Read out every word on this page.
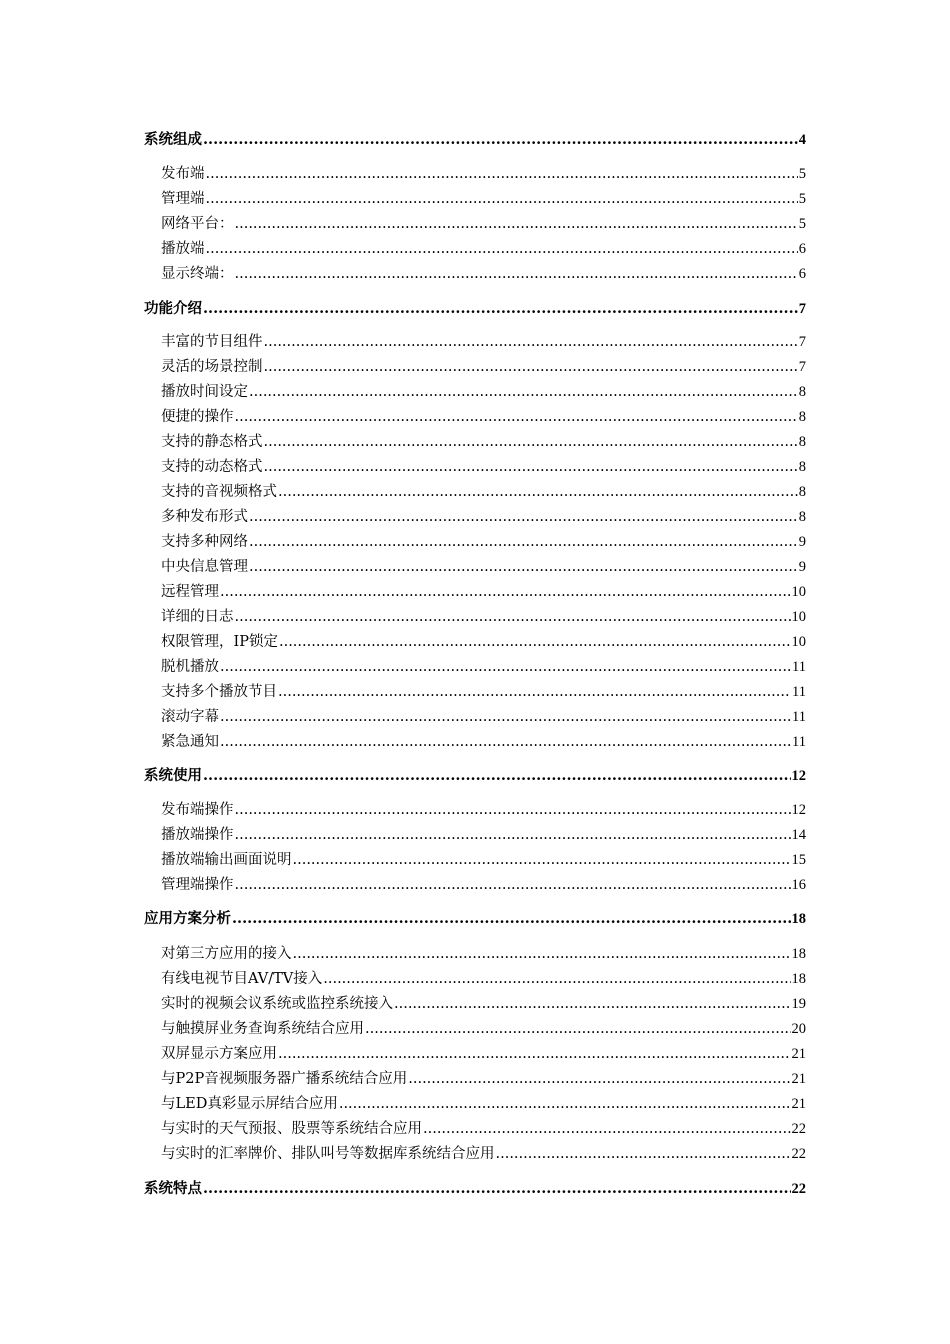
系统组成 .....	4
发布端 .....	5
管理端 .....	5
网络平台： .....	5
播放端 .....	6
显示终端： .....	6
功能介绍 .....	7
丰富的节目组件 .....	7
灵活的场景控制 .....	7
播放时间设定 .....	8
便捷的操作 .....	8
支持的静态格式 .....	8
支持的动态格式 .....	8
支持的音视频格式 .....	8
多种发布形式 .....	8
支持多种网络 .....	9
中央信息管理 .....	9
远程管理 .....	10
详细的日志 .....	10
权限管理，IP锁定 .....	10
脱机播放 .....	11
支持多个播放节目 .....	11
滚动字幕 .....	11
紧急通知 .....	11
系统使用 .....	12
发布端操作 .....	12
播放端操作 .....	14
播放端输出画面说明 .....	15
管理端操作 .....	16
应用方案分析 .....	18
对第三方应用的接入 .....	18
有线电视节目AV/TV接入 .....	18
实时的视频会议系统或监控系统接入 .....	19
与触摸屏业务查询系统结合应用 .....	20
双屏显示方案应用 .....	21
与P2P音视频服务器广播系统结合应用 .....	21
与LED真彩显示屏结合应用 .....	21
与实时的天气预报、股票等系统结合应用 .....	22
与实时的汇率牌价、排队叫号等数据库系统结合应用 .....	22
系统特点 .....	22
